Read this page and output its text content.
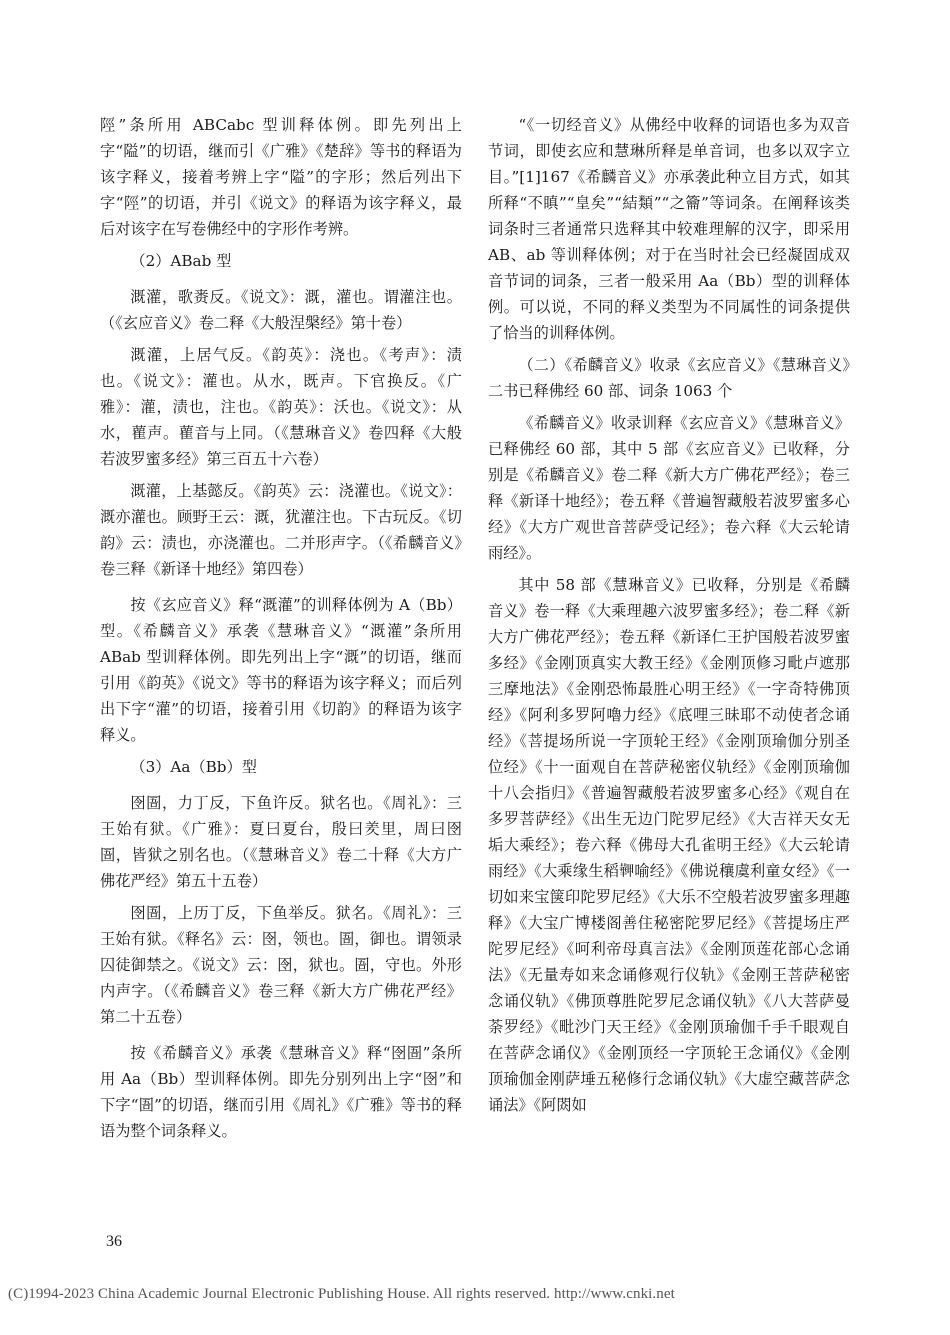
陘”条所用 ABCabc 型训释体例。即先列出上字“隘”的切语，继而引《广雅》《楚辞》等书的释语为该字释义，接着考辨上字“隘”的字形；然后列出下字“陘”的切语，并引《说文》的释语为该字释义，最后对该字在写卷佛经中的字形作考辨。

（2）ABab 型

溉灌，歌赉反。《说文》：溉，灌也。谓灌注也。（《玄应音义》卷二释《大般涅槃经》第十卷）

溉灌，上居气反。《韵英》：浇也。《考声》：渍也。《说文》：灌也。从水，既声。下官换反。《广雅》：灌，渍也，注也。《韵英》：沃也。《说文》：从水，雚声。雚音与上同。（《慧琳音义》卷四释《大般若波罗蜜多经》第三百五十六卷）

溉灌，上基懿反。《韵英》云：浇灌也。《说文》：溉亦灌也。顾野王云：溉，犹灌注也。下古玩反。《切韵》云：渍也，亦浇灌也。二并形声字。（《希麟音义》卷三释《新译十地经》第四卷）

按《玄应音义》释“溉灌”的训释体例为 A（Bb）型。《希麟音义》承袭《慧琳音义》“溉灌”条所用 ABab 型训释体例。即先列出上字“溉”的切语，继而引用《韵英》《说文》等书的释语为该字释义；而后列出下字“灌”的切语，接着引用《切韵》的释语为该字释义。

（3）Aa（Bb）型

囹圄，力丁反，下鱼许反。狱名也。《周礼》：三王始有狱。《广雅》：夏曰夏台，殷曰羑里，周曰囹圄，皆狱之别名也。（《慧琳音义》卷二十释《大方广佛花严经》第五十五卷）

囹圄，上历丁反，下鱼举反。狱名。《周礼》：三王始有狱。《释名》云：囹，领也。圄，御也。谓领录囚徒御禁之。《说文》云：囹，狱也。圄，守也。外形内声字。（《希麟音义》卷三释《新大方广佛花严经》第二十五卷）

按《希麟音义》承袭《慧琳音义》释“囹圄”条所用 Aa（Bb）型训释体例。即先分别列出上字“囹”和下字“圄”的切语，继而引用《周礼》《广雅》等书的释语为整个词条释义。

“《一切经音义》从佛经中收释的词语也多为双音节词，即使玄应和慧琳所释是单音词，也多以双字立目。”[1]167《希麟音义》亦承袭此种立目方式，如其所释“不瞋”“皇矣”“結類”“之籥”等词条。在阐释该类词条时三者通常只选释其中较难理解的汉字，即采用 AB、ab 等训释体例；对于在当时社会已经凝固成双音节词的词条，三者一般采用 Aa（Bb）型的训释体例。可以说，不同的释义类型为不同属性的词条提供了恰当的训释体例。

（二）《希麟音义》收录《玄应音义》《慧琳音义》二书已释佛经 60 部、词条 1063 个

《希麟音义》收录训释《玄应音义》《慧琳音义》已释佛经 60 部，其中 5 部《玄应音义》已收释，分别是《希麟音义》卷二释《新大方广佛花严经》；卷三释《新译十地经》；卷五释《普遍智藏般若波罗蜜多心经》《大方广观世音菩萨受记经》；卷六释《大云轮请雨经》。

其中 58 部《慧琳音义》已收释，分别是《希麟音义》卷一释《大乘理趣六波罗蜜多经》；卷二释《新大方广佛花严经》；卷五释《新译仁王护国般若波罗蜜多经》《金刚顶真实大教王经》《金刚顶修习毗卢遮那三摩地法》《金刚恐怖最胜心明王经》《一字奇特佛顶经》《阿利多罗阿嚕力经》《底哩三昧耶不动使者念诵经》《菩提场所说一字顶轮王经》《金刚顶瑜伽分别圣位经》《十一面观自在菩萨秘密仪轨经》《金刚顶瑜伽十八会指归》《普遍智藏般若波罗蜜多心经》《观自在多罗菩萨经》《出生无边门陀罗尼经》《大吉祥天女无垢大乘经》；卷六释《佛母大孔雀明王经》《大云轮请雨经》《大乘缘生稻𦾏喻经》《佛说穰虞利童女经》《一切如来宝箧印陀罗尼经》《大乐不空般若波罗蜜多理趣释》《大宝广博楼阁善住秘密陀罗尼经》《菩提场庄严陀罗尼经》《呵利帝母真言法》《金刚顶莲花部心念诵法》《无量寿如来念诵修观行仪轨》《金刚王菩萨秘密念诵仪轨》《佛顶尊胜陀罗尼念诵仪轨》《八大菩萨曼荼罗经》《毗沙门天王经》《金刚顶瑜伽千手千眼观自在菩萨念诵仪》《金刚顶经一字顶轮王念诵仪》《金刚顶瑜伽金刚萨埵五秘修行念诵仪轨》《大虚空藏菩萨念诵法》《阿閦如

36
(C)1994-2023 China Academic Journal Electronic Publishing House. All rights reserved. http://www.cnki.net
